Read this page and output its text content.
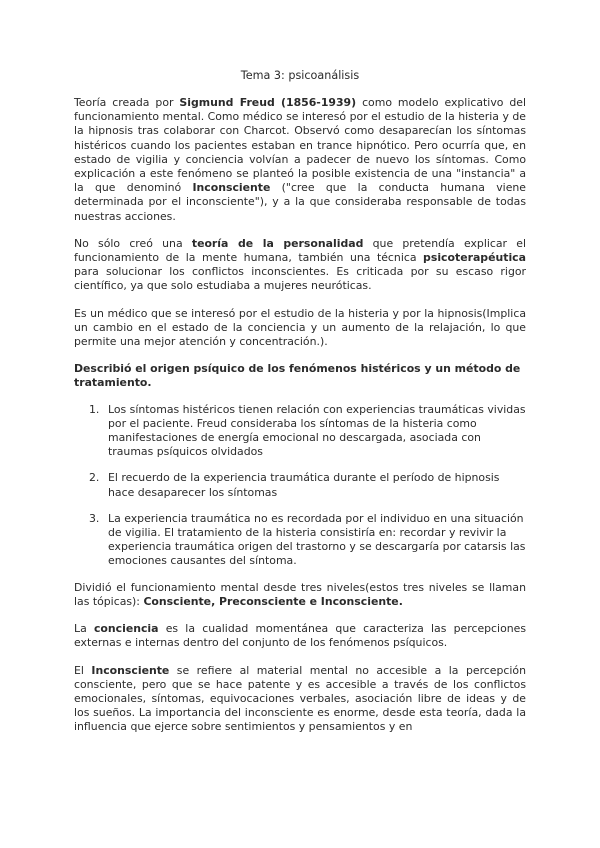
Tema 3: psicoanálisis

Teoría creada por Sigmund Freud (1856-1939) como modelo explicativo del funcionamiento mental. Como médico se interesó por el estudio de la histeria y de la hipnosis tras colaborar con Charcot. Observó como desaparecían los síntomas histéricos cuando los pacientes estaban en trance hipnótico. Pero ocurría que, en estado de vigilia y conciencia volvían a padecer de nuevo los síntomas. Como explicación a este fenómeno se planteó la posible existencia de una "instancia" a la que denominó Inconsciente ("cree que la conducta humana viene determinada por el inconsciente"), y a la que consideraba responsable de todas nuestras acciones.

No sólo creó una teoría de la personalidad que pretendía explicar el funcionamiento de la mente humana, también una técnica psicoterapéutica para solucionar los conflictos inconscientes. Es criticada por su escaso rigor científico, ya que solo estudiaba a mujeres neuróticas.

Es un médico que se interesó por el estudio de la histeria y por la hipnosis(Implica un cambio en el estado de la conciencia y un aumento de la relajación, lo que permite una mejor atención y concentración.).

Describió el origen psíquico de los fenómenos histéricos y un método de tratamiento.

1. Los síntomas histéricos tienen relación con experiencias traumáticas vividas por el paciente. Freud consideraba los síntomas de la histeria como manifestaciones de energía emocional no descargada, asociada con traumas psíquicos olvidados
2. El recuerdo de la experiencia traumática durante el período de hipnosis hace desaparecer los síntomas
3. La experiencia traumática no es recordada por el individuo en una situación de vigilia. El tratamiento de la histeria consistiría en: recordar y revivir la experiencia traumática origen del trastorno y se descargaría por catarsis las emociones causantes del síntoma.

Dividió el funcionamiento mental desde tres niveles(estos tres niveles se llaman las tópicas): Consciente, Preconsciente e Inconsciente.

La conciencia es la cualidad momentánea que caracteriza las percepciones externas e internas dentro del conjunto de los fenómenos psíquicos.

El Inconsciente se refiere al material mental no accesible a la percepción consciente, pero que se hace patente y es accesible a través de los conflictos emocionales, síntomas, equivocaciones verbales, asociación libre de ideas y de los sueños. La importancia del inconsciente es enorme, desde esta teoría, dada la influencia que ejerce sobre sentimientos y pensamientos y en
